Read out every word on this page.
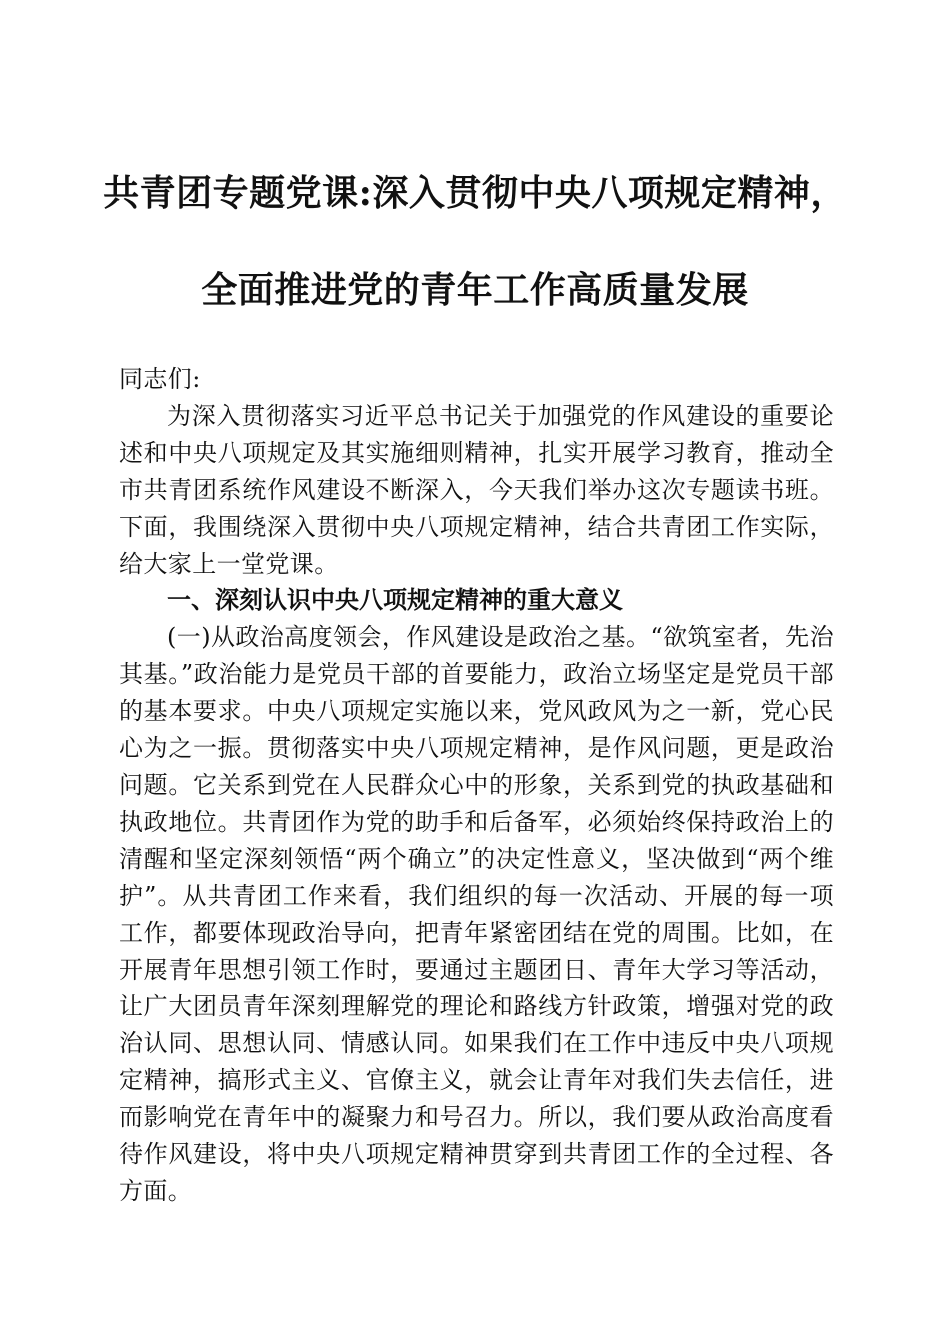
共青团专题党课:深入贯彻中央八项规定精神，
全面推进党的青年工作高质量发展

同志们:

为深入贯彻落实习近平总书记关于加强党的作风建设的重要论述和中央八项规定及其实施细则精神，扎实开展学习教育，推动全市共青团系统作风建设不断深入，今天我们举办这次专题读书班。下面，我围绕深入贯彻中央八项规定精神，结合共青团工作实际，给大家上一堂党课。

一、深刻认识中央八项规定精神的重大意义

(一)从政治高度领会，作风建设是政治之基。“欲筑室者，先治其基。”政治能力是党员干部的首要能力，政治立场坚定是党员干部的基本要求。中央八项规定实施以来，党风政风为之一新，党心民心为之一振。贯彻落实中央八项规定精神，是作风问题，更是政治问题。它关系到党在人民群众心中的形象，关系到党的执政基础和执政地位。共青团作为党的助手和后备军，必须始终保持政治上的清醒和坚定深刻领悟“两个确立”的决定性意义，坚决做到“两个维护”。从共青团工作来看，我们组织的每一次活动、开展的每一项工作，都要体现政治导向，把青年紧密团结在党的周围。比如，在开展青年思想引领工作时，要通过主题团日、青年大学习等活动，让广大团员青年深刻理解党的理论和路线方针政策，增强对党的政治认同、思想认同、情感认同。如果我们在工作中违反中央八项规定精神，搞形式主义、官僚主义，就会让青年对我们失去信任，进而影响党在青年中的凝聚力和号召力。所以，我们要从政治高度看待作风建设，将中央八项规定精神贯穿到共青团工作的全过程、各方面。
